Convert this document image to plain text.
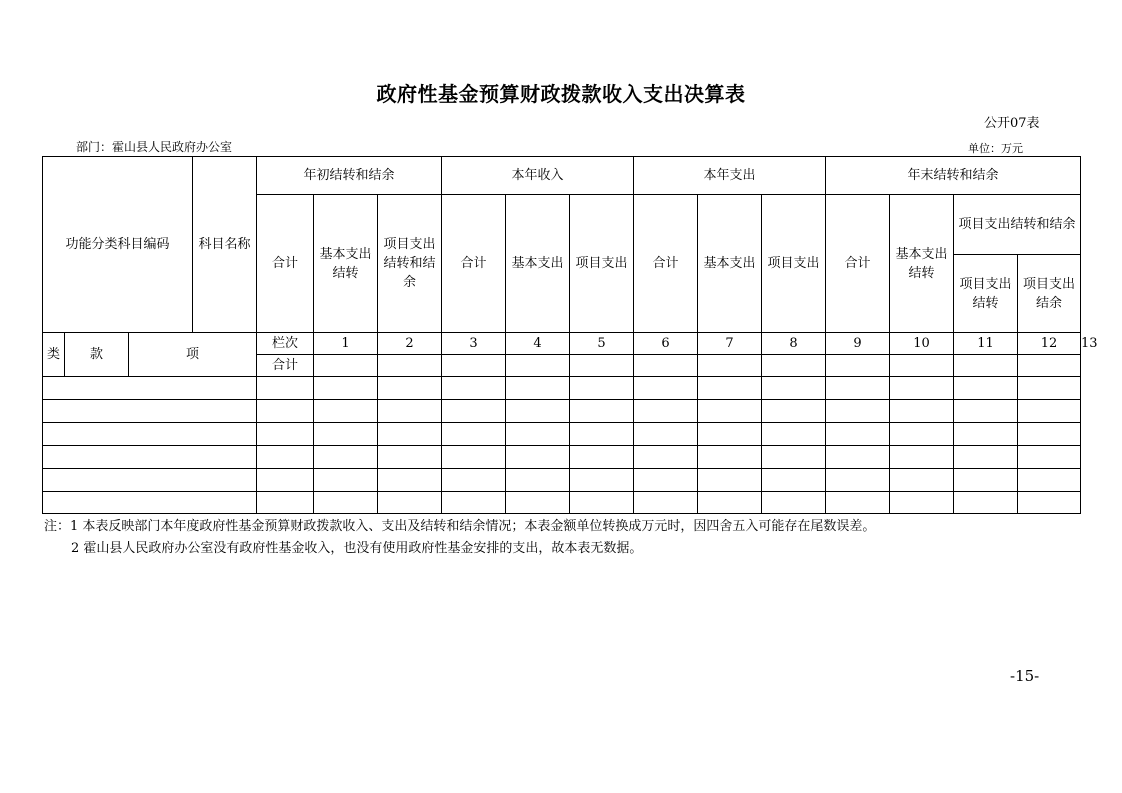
政府性基金预算财政拨款收入支出决算表
公开07表
部门：霍山县人民政府办公室	单位：万元
功能分类科目编码			科目名称	年初结转和结余			本年收入			本年支出			年末结转和结余				
				合计	基本支出结转	项目支出结转和结余	合计	基本支出	项目支出	合计	基本支出	项目支出	合计	基本支出结转	项目支出结转和结余		
															项目支出结转	项目支出结余	
类	款	项		栏次	1	2	3	4	5	6	7	8	9	10	11	12	13
				合计													

注：1 本表反映部门本年度政府性基金预算财政拨款收入、支出及结转和结余情况；本表金额单位转换成万元时，因四舍五入可能存在尾数误差。
2 霍山县人民政府办公室没有政府性基金收入，也没有使用政府性基金安排的支出，故本表无数据。
-15-
